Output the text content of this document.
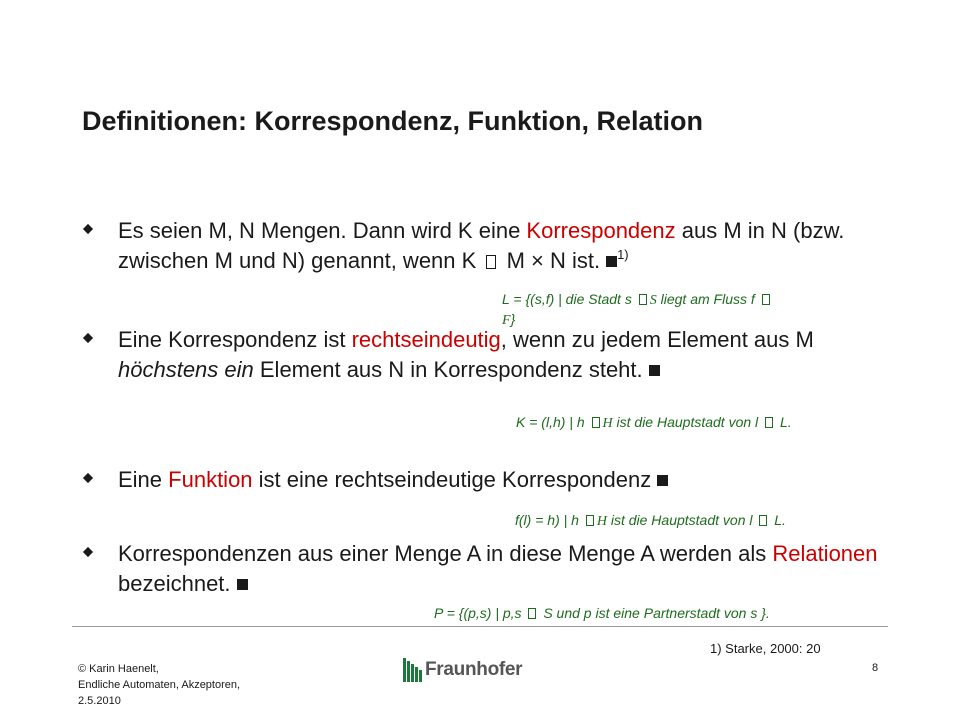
Definitionen: Korrespondenz, Funktion, Relation
Es seien M, N Mengen. Dann wird K eine Korrespondenz aus M in N (bzw. zwischen M und N) genannt, wenn K M × N ist. $^{1)}$
L = {(s,f) | die Stadt s S liegt am Fluss f
F}
Eine Korrespondenz ist rechtseindeutig, wenn zu jedem Element aus M höchstens ein Element aus N in Korrespondenz steht.
K = (l,h) | h H ist die Hauptstadt von l L.
Eine Funktion ist eine rechtseindeutige Korrespondenz
f(l) = h) | h H ist die Hauptstadt von l L.
Korrespondenzen aus einer Menge A in diese Menge A werden als Relationen bezeichnet.
P = {(p,s) | p,s S und p ist eine Partnerstadt von s }.
1) Starke, 2000: 20
8
© Karin Haenelt,
Endliche Automaten, Akzeptoren,
2.5.2010
Fraunhofer
